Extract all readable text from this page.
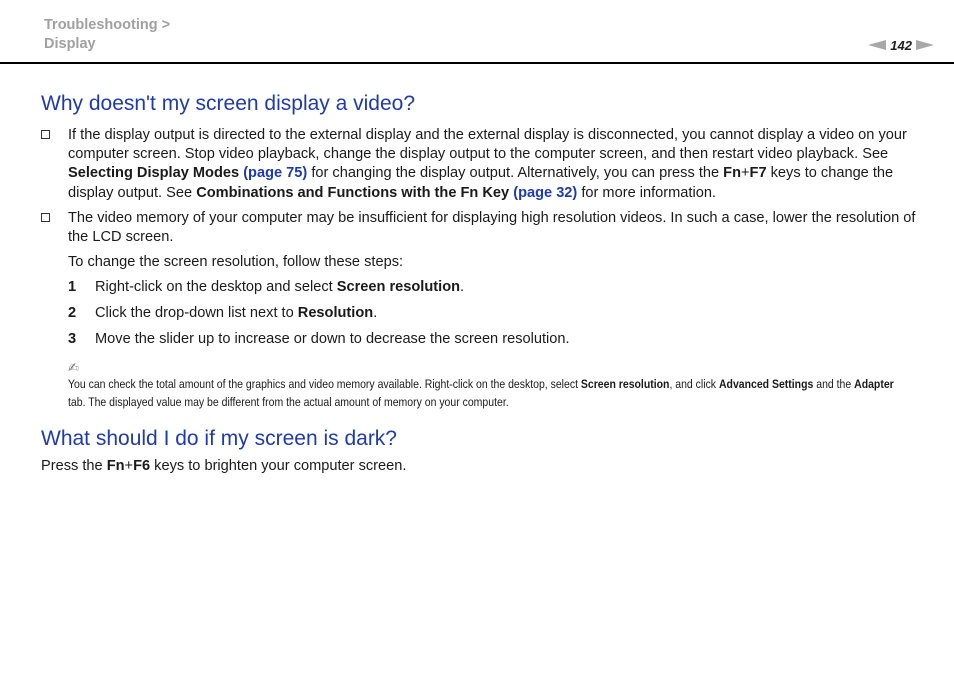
Troubleshooting >
Display	142
Why doesn't my screen display a video?
If the display output is directed to the external display and the external display is disconnected, you cannot display a video on your computer screen. Stop video playback, change the display output to the computer screen, and then restart video playback. See Selecting Display Modes (page 75) for changing the display output. Alternatively, you can press the Fn+F7 keys to change the display output. See Combinations and Functions with the Fn Key (page 32) for more information.

The video memory of your computer may be insufficient for displaying high resolution videos. In such a case, lower the resolution of the LCD screen.

To change the screen resolution, follow these steps:

1	Right-click on the desktop and select Screen resolution.
2	Click the drop-down list next to Resolution.
3	Move the slider up to increase or down to decrease the screen resolution.
✍
You can check the total amount of the graphics and video memory available. Right-click on the desktop, select Screen resolution, and click Advanced Settings and the Adapter tab. The displayed value may be different from the actual amount of memory on your computer.
What should I do if my screen is dark?

Press the Fn+F6 keys to brighten your computer screen.
